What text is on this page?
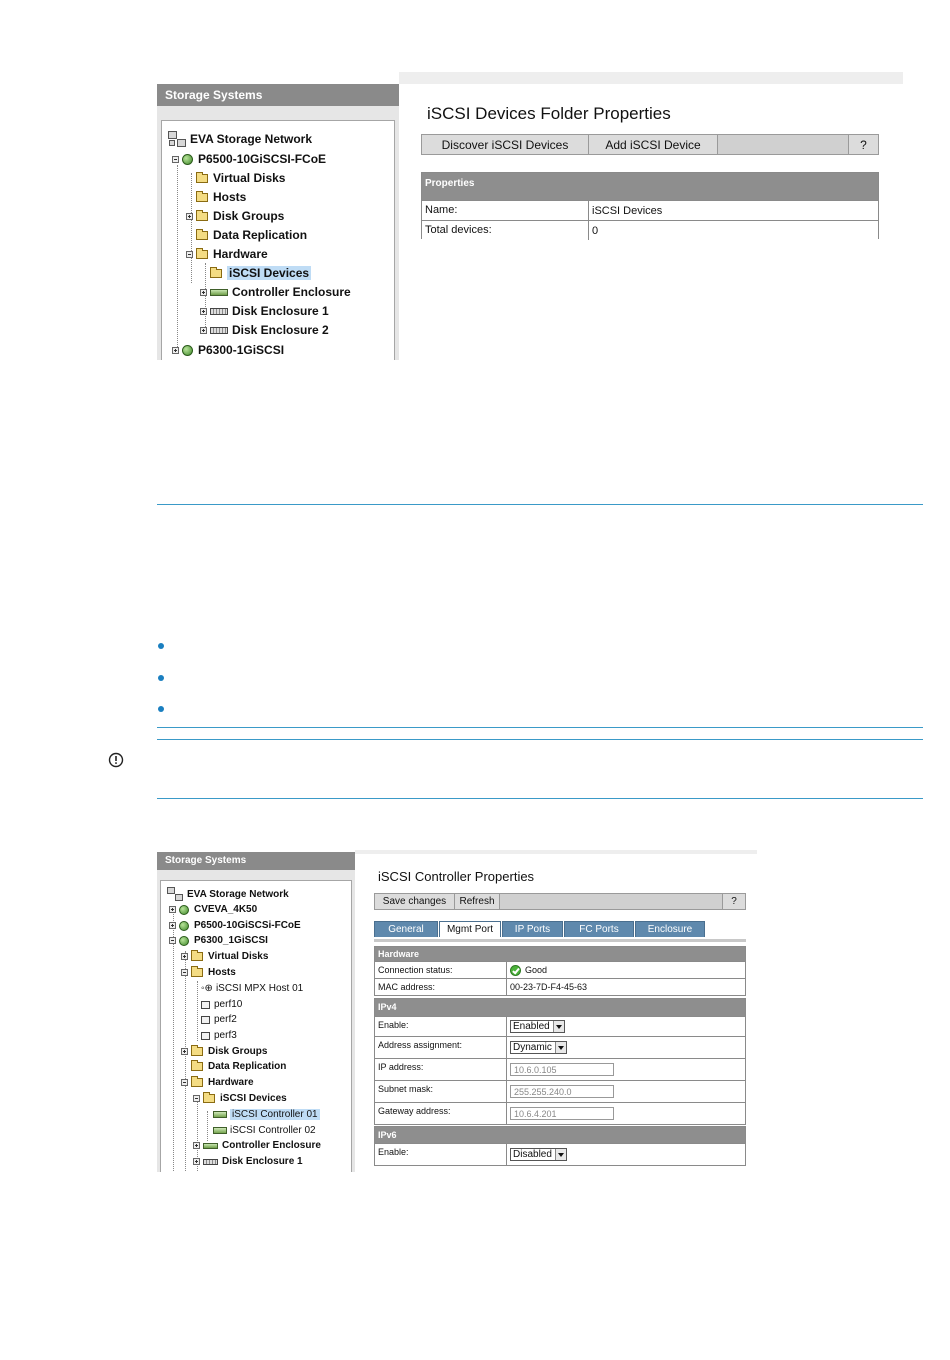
Storage Systems
EVA Storage Network
P6500-10GiSCSI-FCoE
Virtual Disks
Hosts
Disk Groups
Data Replication
Hardware
iSCSI Devices
Controller Enclosure
Disk Enclosure 1
Disk Enclosure 2
P6300-1GiSCSI
iSCSI Devices Folder Properties
Discover iSCSI Devices	Add iSCSI Device	?
Properties
Name:	iSCSI Devices
Total devices:	0
Storage Systems
EVA Storage Network
CVEVA_4K50
P6500-10GiSCSi-FCoE
P6300_1GiSCSI
Virtual Disks
Hosts
◦⊕ iSCSI MPX Host 01
perf10
perf2
perf3
Disk Groups
Data Replication
Hardware
iSCSI Devices
iSCSI Controller 01
iSCSI Controller 02
Controller Enclosure
Disk Enclosure 1
iSCSI Controller Properties
Save changes	Refresh	?
General	Mgmt Port	IP Ports	FC Ports	Enclosure
Hardware
Connection status:	Good
MAC address:	00-23-7D-F4-45-63
IPv4
Enable:	Enabled
Address assignment:	Dynamic
IP address:	10.6.0.105
Subnet mask:	255.255.240.0
Gateway address:	10.6.4.201
IPv6
Enable:	Disabled
